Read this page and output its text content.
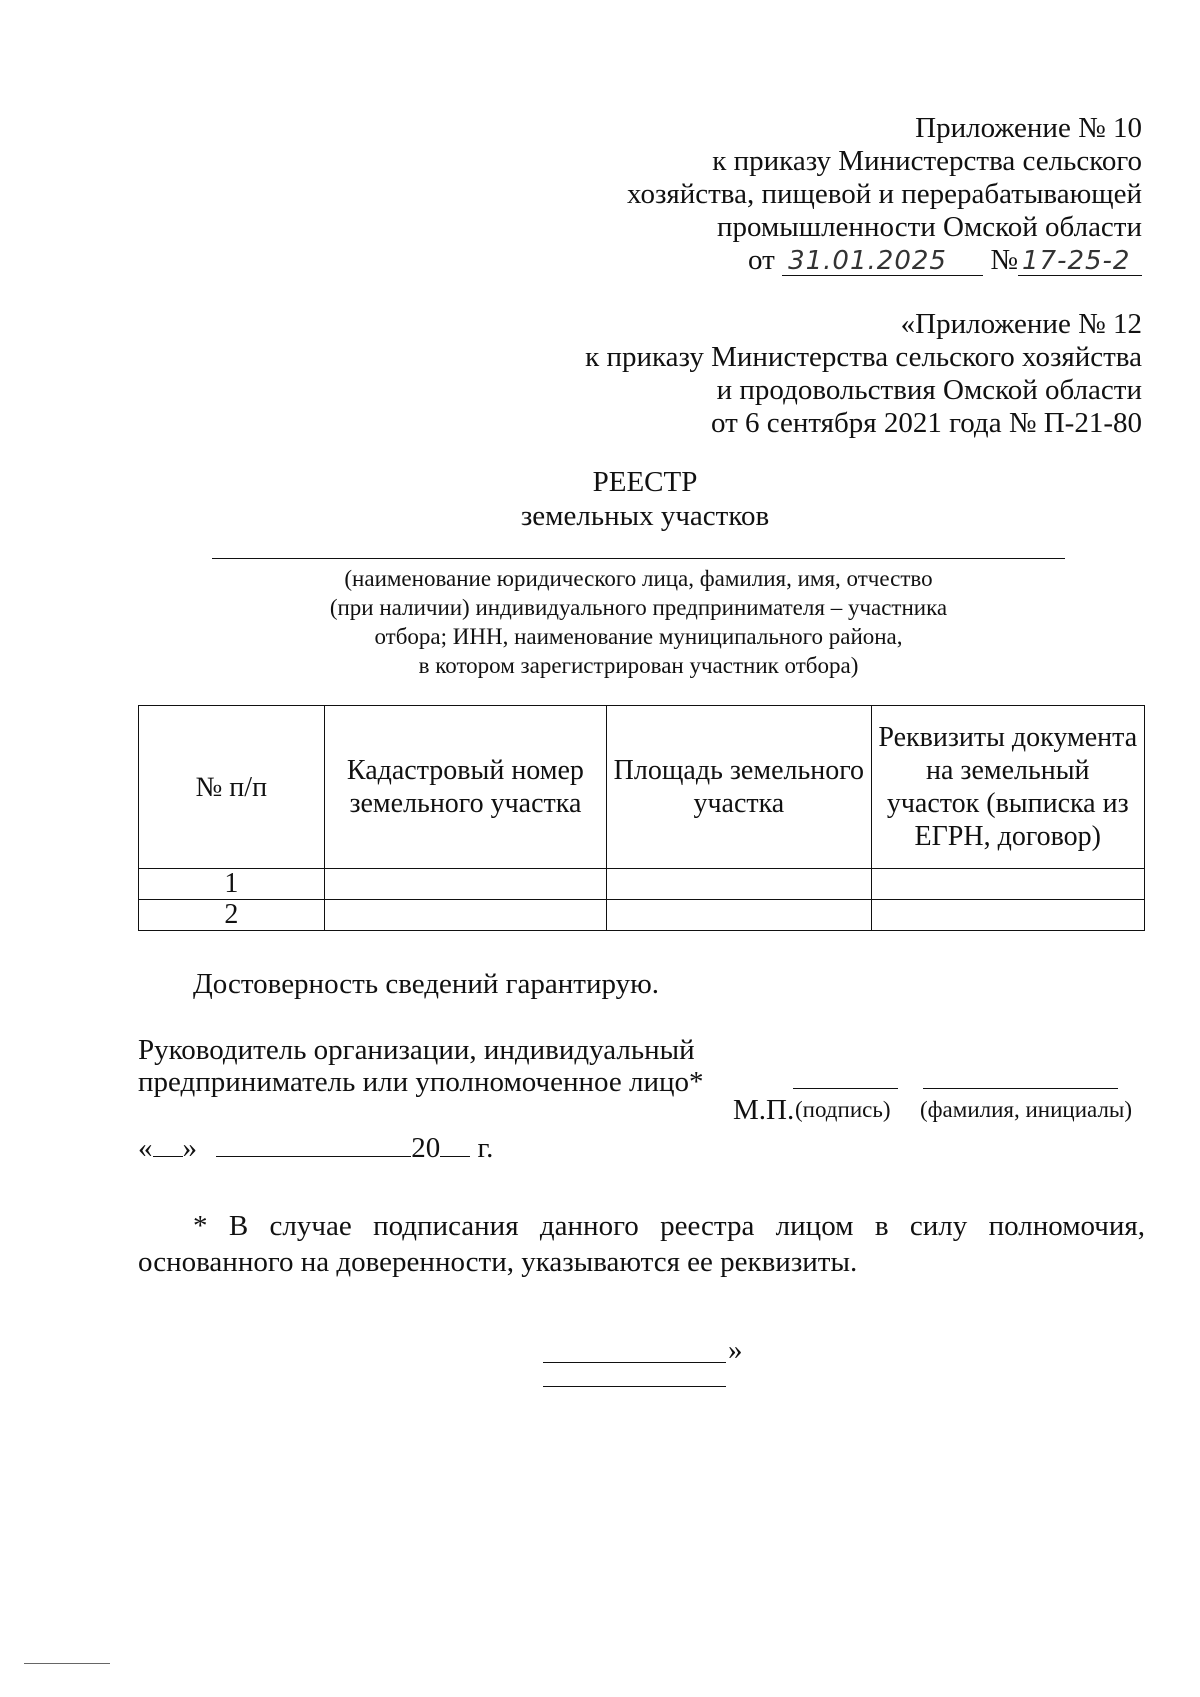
Приложение № 10
к приказу Министерства сельского
хозяйства, пищевой и перерабатывающей
промышленности Омской области
от 31.01.2025 № 17-25-2
«Приложение № 12
к приказу Министерства сельского хозяйства
и продовольствия Омской области
от 6 сентября 2021 года № П-21-80
РЕЕСТР
земельных участков
(наименование юридического лица, фамилия, имя, отчество
(при наличии) индивидуального предпринимателя – участника
отбора; ИНН, наименование муниципального района,
в котором зарегистрирован участник отбора)
№ п/п	Кадастровый номер земельного участка	Площадь земельного участка	Реквизиты документа на земельный участок (выписка из ЕГРН, договор)
1			
2			
Достоверность сведений гарантирую.
Руководитель организации, индивидуальный
предприниматель или уполномоченное лицо*
М.П. (подпись) (фамилия, инициалы)
« »	20 г.
* В случае подписания данного реестра лицом в силу полномочия,
основанного на доверенности, указываются ее реквизиты.
»
